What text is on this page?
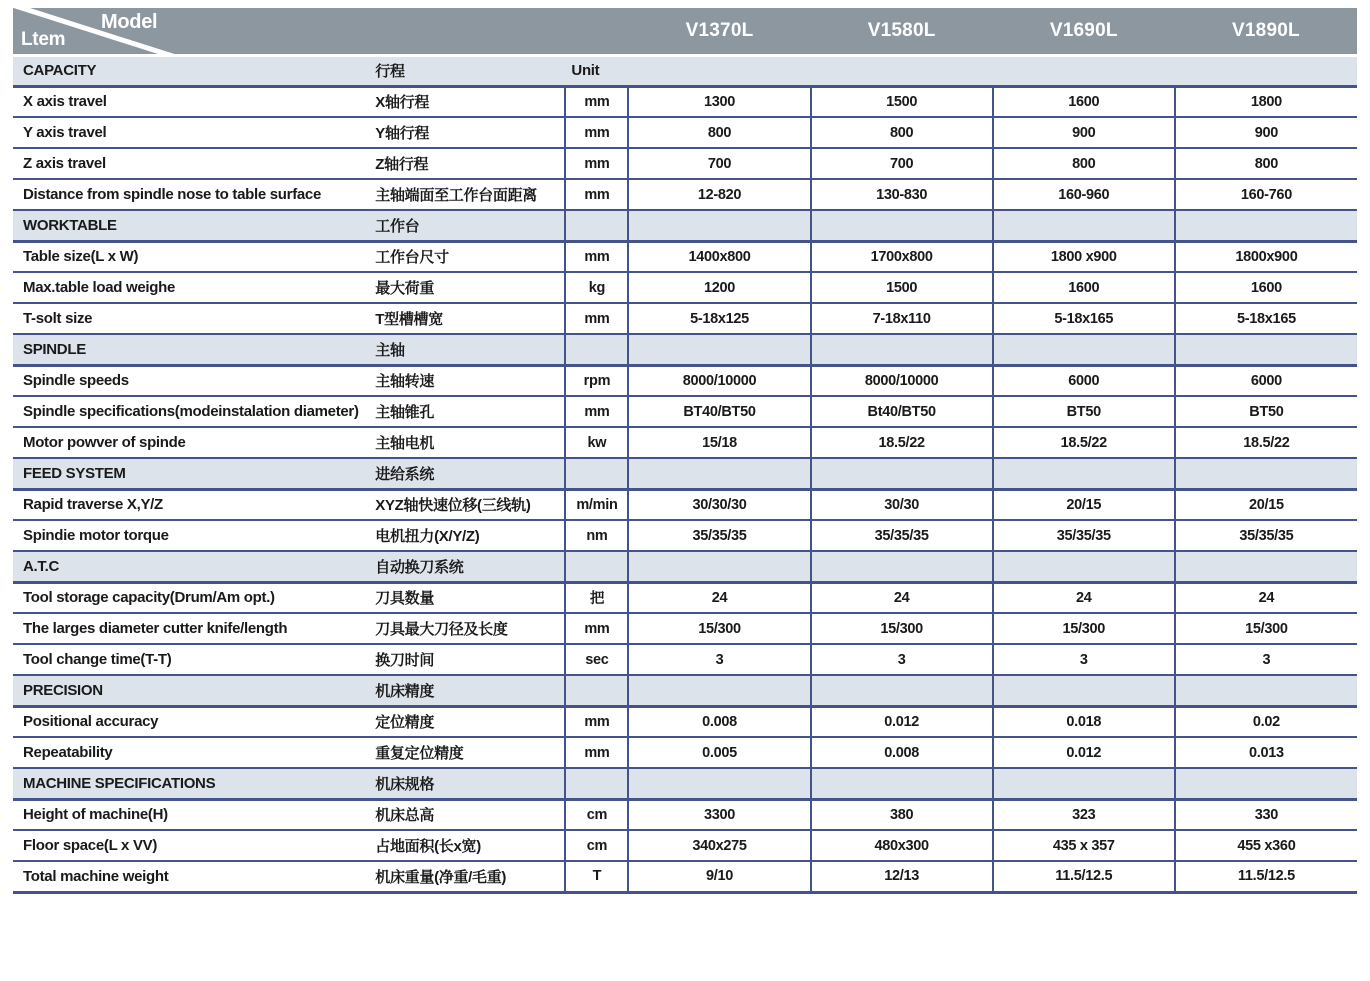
Model
Ltem			V1370L	V1580L	V1690L	V1890L
CAPACITY	行程	Unit				
X axis travel	X轴行程	mm	1300	1500	1600	1800
Y axis travel	Y轴行程	mm	800	800	900	900
Z axis travel	Z轴行程	mm	700	700	800	800
Distance from spindle nose to table surface	主轴端面至工作台面距离	mm	12-820	130-830	160-960	160-760
WORKTABLE	工作台					
Table size(L x W)	工作台尺寸	mm	1400x800	1700x800	1800 x900	1800x900
Max.table load weighe	最大荷重	kg	1200	1500	1600	1600
T-solt size	T型槽槽宽	mm	5-18x125	7-18x110	5-18x165	5-18x165
SPINDLE	主轴					
Spindle speeds	主轴转速	rpm	8000/10000	8000/10000	6000	6000
Spindle specifications(modeinstalation diameter)	主轴锥孔	mm	BT40/BT50	Bt40/BT50	BT50	BT50
Motor powver of spinde	主轴电机	kw	15/18	18.5/22	18.5/22	18.5/22
FEED SYSTEM	进给系统					
Rapid traverse X,Y/Z	XYZ轴快速位移(三线轨)	m/min	30/30/30	30/30	20/15	20/15
Spindie motor torque	电机扭力(X/Y/Z)	nm	35/35/35	35/35/35	35/35/35	35/35/35
A.T.C	自动换刀系统					
Tool storage capacity(Drum/Am opt.)	刀具数量	把	24	24	24	24
The larges diameter cutter knife/length	刀具最大刀径及长度	mm	15/300	15/300	15/300	15/300
Tool change time(T-T)	换刀时间	sec	3	3	3	3
PRECISION	机床精度					
Positional accuracy	定位精度	mm	0.008	0.012	0.018	0.02
Repeatability	重复定位精度	mm	0.005	0.008	0.012	0.013
MACHINE SPECIFICATIONS	机床规格					
Height of machine(H)	机床总高	cm	3300	380	323	330
Floor space(L x VV)	占地面积(长x宽)	cm	340x275	480x300	435 x 357	455 x360
Total machine weight	机床重量(净重/毛重)	T	9/10	12/13	11.5/12.5	11.5/12.5
